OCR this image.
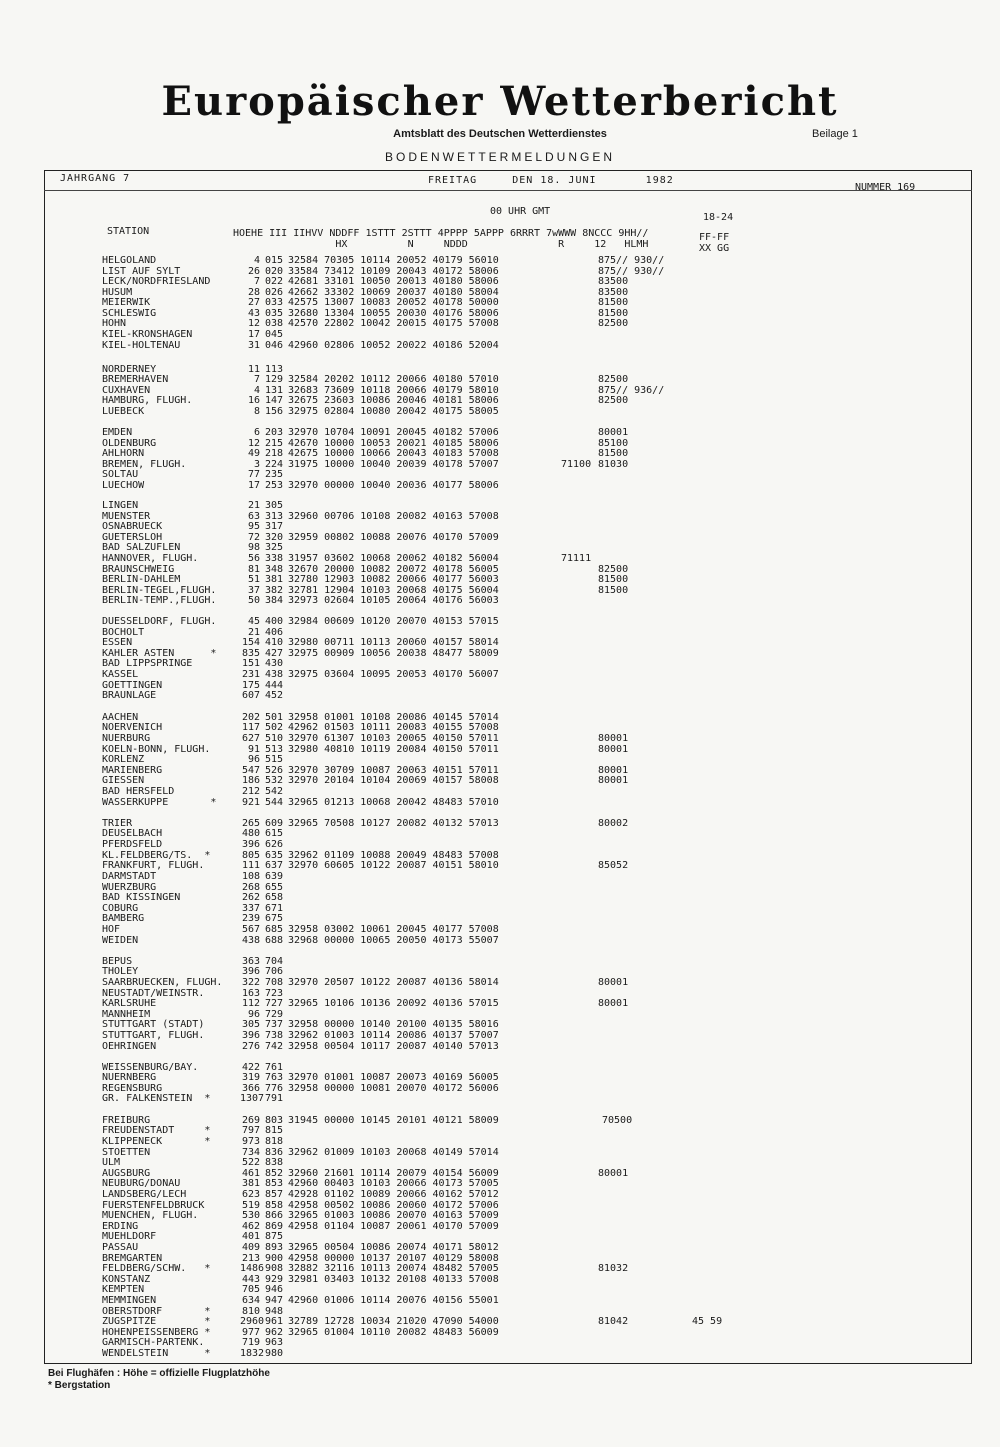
Europäischer Wetterbericht
Amtsblatt des Deutschen Wetterdienstes	Beilage 1
BODENWETTERMELDUNGEN
JAHRGANG 7	FREITAG	DEN 18. JUNI	1982
NUMMER 169
00 UHR GMT
STATION	HOEHE III IIHVV NDDFF 1STTT 2STTT 4PPPP 5APPP 6RRRT 7wWWW 8NCCC 9HH//
HX          N     NDDD               R     12   HLMH
18-24
FF-FF
XX GG
HELGOLAND	4 015 32584 70305 10114 20052 40179 56010	875// 930//
LIST AUF SYLT	26 020 33584 73412 10109 20043 40172 58006	875// 930//
LECK/NORDFRIESLAND	7 022 42681 33101 10050 20013 40180 58006	83500
HUSUM	28 026 42662 33302 10069 20037 40180 58004	83500
MEIERWIK	27 033 42575 13007 10083 20052 40178 50000	81500
SCHLESWIG	43 035 32680 13304 10055 20030 40176 58006	81500
HOHN	12 038 42570 22802 10042 20015 40175 57008	82500
KIEL-KRONSHAGEN	17 045
KIEL-HOLTENAU	31 046 42960 02806 10052 20022 40186 52004
NORDERNEY	11 113
BREMERHAVEN	7 129 32584 20202 10112 20066 40180 57010	82500
CUXHAVEN	4 131 32683 73609 10118 20066 40179 58010	875// 936//
HAMBURG, FLUGH.	16 147 32675 23603 10086 20046 40181 58006	82500
LUEBECK	8 156 32975 02804 10080 20042 40175 58005
EMDEN	6 203 32970 10704 10091 20045 40182 57006	80001
OLDENBURG	12 215 42670 10000 10053 20021 40185 58006	85100
AHLHORN	49 218 42675 10000 10066 20043 40183 57008	81500
BREMEN, FLUGH.	3 224 31975 10000 10040 20039 40178 57007	71100 81030
SOLTAU	77 235
LUECHOW	17 253 32970 00000 10040 20036 40177 58006
LINGEN	21 305
MUENSTER	63 313 32960 00706 10108 20082 40163 57008
OSNABRUECK	95 317
GUETERSLOH	72 320 32959 00802 10088 20076 40170 57009
BAD SALZUFLEN	98 325
HANNOVER, FLUGH.	56 338 31957 03602 10068 20062 40182 56004	71111
BRAUNSCHWEIG	81 348 32670 20000 10082 20072 40178 56005	82500
BERLIN-DAHLEM	51 381 32780 12903 10082 20066 40177 56003	81500
BERLIN-TEGEL,FLUGH.	37 382 32781 12904 10103 20068 40175 56004	81500
BERLIN-TEMP.,FLUGH.	50 384 32973 02604 10105 20064 40176 56003
DUESSELDORF, FLUGH.	45 400 32984 00609 10120 20070 40153 57015
BOCHOLT	21 406
ESSEN	154 410 32980 00711 10113 20060 40157 58014
KAHLER ASTEN      *	835 427 32975 00909 10056 20038 48477 58009
BAD LIPPSPRINGE	151 430
KASSEL	231 438 32975 03604 10095 20053 40170 56007
GOETTINGEN	175 444
BRAUNLAGE	607 452
AACHEN	202 501 32958 01001 10108 20086 40145 57014
NOERVENICH	117 502 42962 01503 10111 20083 40155 57008
NUERBURG	627 510 32970 61307 10103 20065 40150 57011	80001
KOELN-BONN, FLUGH.	91 513 32980 40810 10119 20084 40150 57011	80001
KORLENZ	96 515
MARIENBERG	547 526 32970 30709 10087 20063 40151 57011	80001
GIESSEN	186 532 32970 20104 10104 20069 40157 58008	80001
BAD HERSFELD	212 542
WASSERKUPPE       *	921 544 32965 01213 10068 20042 48483 57010
TRIER	265 609 32965 70508 10127 20082 40132 57013	80002
DEUSELBACH	480 615
PFERDSFELD	396 626
KL.FELDBERG/TS.  *	805 635 32962 01109 10088 20049 48483 57008
FRANKFURT, FLUGH.	111 637 32970 60605 10122 20087 40151 58010	85052
DARMSTADT	108 639
WUERZBURG	268 655
BAD KISSINGEN	262 658
COBURG	337 671
BAMBERG	239 675
HOF	567 685 32958 03002 10061 20045 40177 57008
WEIDEN	438 688 32968 00000 10065 20050 40173 55007
BEPUS	363 704
THOLEY	396 706
SAARBRUECKEN, FLUGH. 322 708 32970 20507 10122 20087 40136 58014	80001
NEUSTADT/WEINSTR.	163 723
KARLSRUHE	112 727 32965 10106 10136 20092 40136 57015	80001
MANNHEIM	96 729
STUTTGART (STADT)	305 737 32958 00000 10140 20100 40135 58016
STUTTGART, FLUGH.	396 738 32962 01003 10114 20086 40137 57007
OEHRINGEN	276 742 32958 00504 10117 20087 40140 57013
WEISSENBURG/BAY.	422 761
NUERNBERG	319 763 32970 01001 10087 20073 40169 56005
REGENSBURG	366 776 32958 00000 10081 20070 40172 56006
GR. FALKENSTEIN  *	1307 791
FREIBURG	269 803 31945 00000 10145 20101 40121 58009	70500
FREUDENSTADT     *	797 815
KLIPPENECK       *	973 818
STOETTEN	734 836 32962 01009 10103 20068 40149 57014
ULM	522 838
AUGSBURG	461 852 32960 21601 10114 20079 40154 56009	80001
NEUBURG/DONAU	381 853 42960 00403 10103 20066 40173 57005
LANDSBERG/LECH	623 857 42928 01102 10089 20066 40162 57012
FUERSTENFELDBRUCK	519 858 42958 00502 10086 20060 40172 57006
MUENCHEN, FLUGH.	530 866 32965 01003 10086 20070 40163 57009
ERDING	462 869 42958 01104 10087 20061 40170 57009
MUEHLDORF	401 875
PASSAU	409 893 32965 00504 10086 20074 40171 58012
BREMGARTEN	213 900 42958 00000 10137 20107 40129 58008
FELDBERG/SCHW.   *	1486 908 32882 32116 10113 20074 48482 57005	81032
KONSTANZ	443 929 32981 03403 10132 20108 40133 57008
KEMPTEN	705 946
MEMMINGEN	634 947 42960 01006 10114 20076 40156 55001
OBERSTDORF       *	810 948
ZUGSPITZE        *	2960 961 32789 12728 10034 21020 47090 54000	81042	45 59
HOHENPEISSENBERG *	977 962 32965 01004 10110 20082 48483 56009
GARMISCH-PARTENK.	719 963
WENDELSTEIN      *	1832 980
Bei Flughäfen : Höhe = offizielle Flugplatzhöhe
* Bergstation
